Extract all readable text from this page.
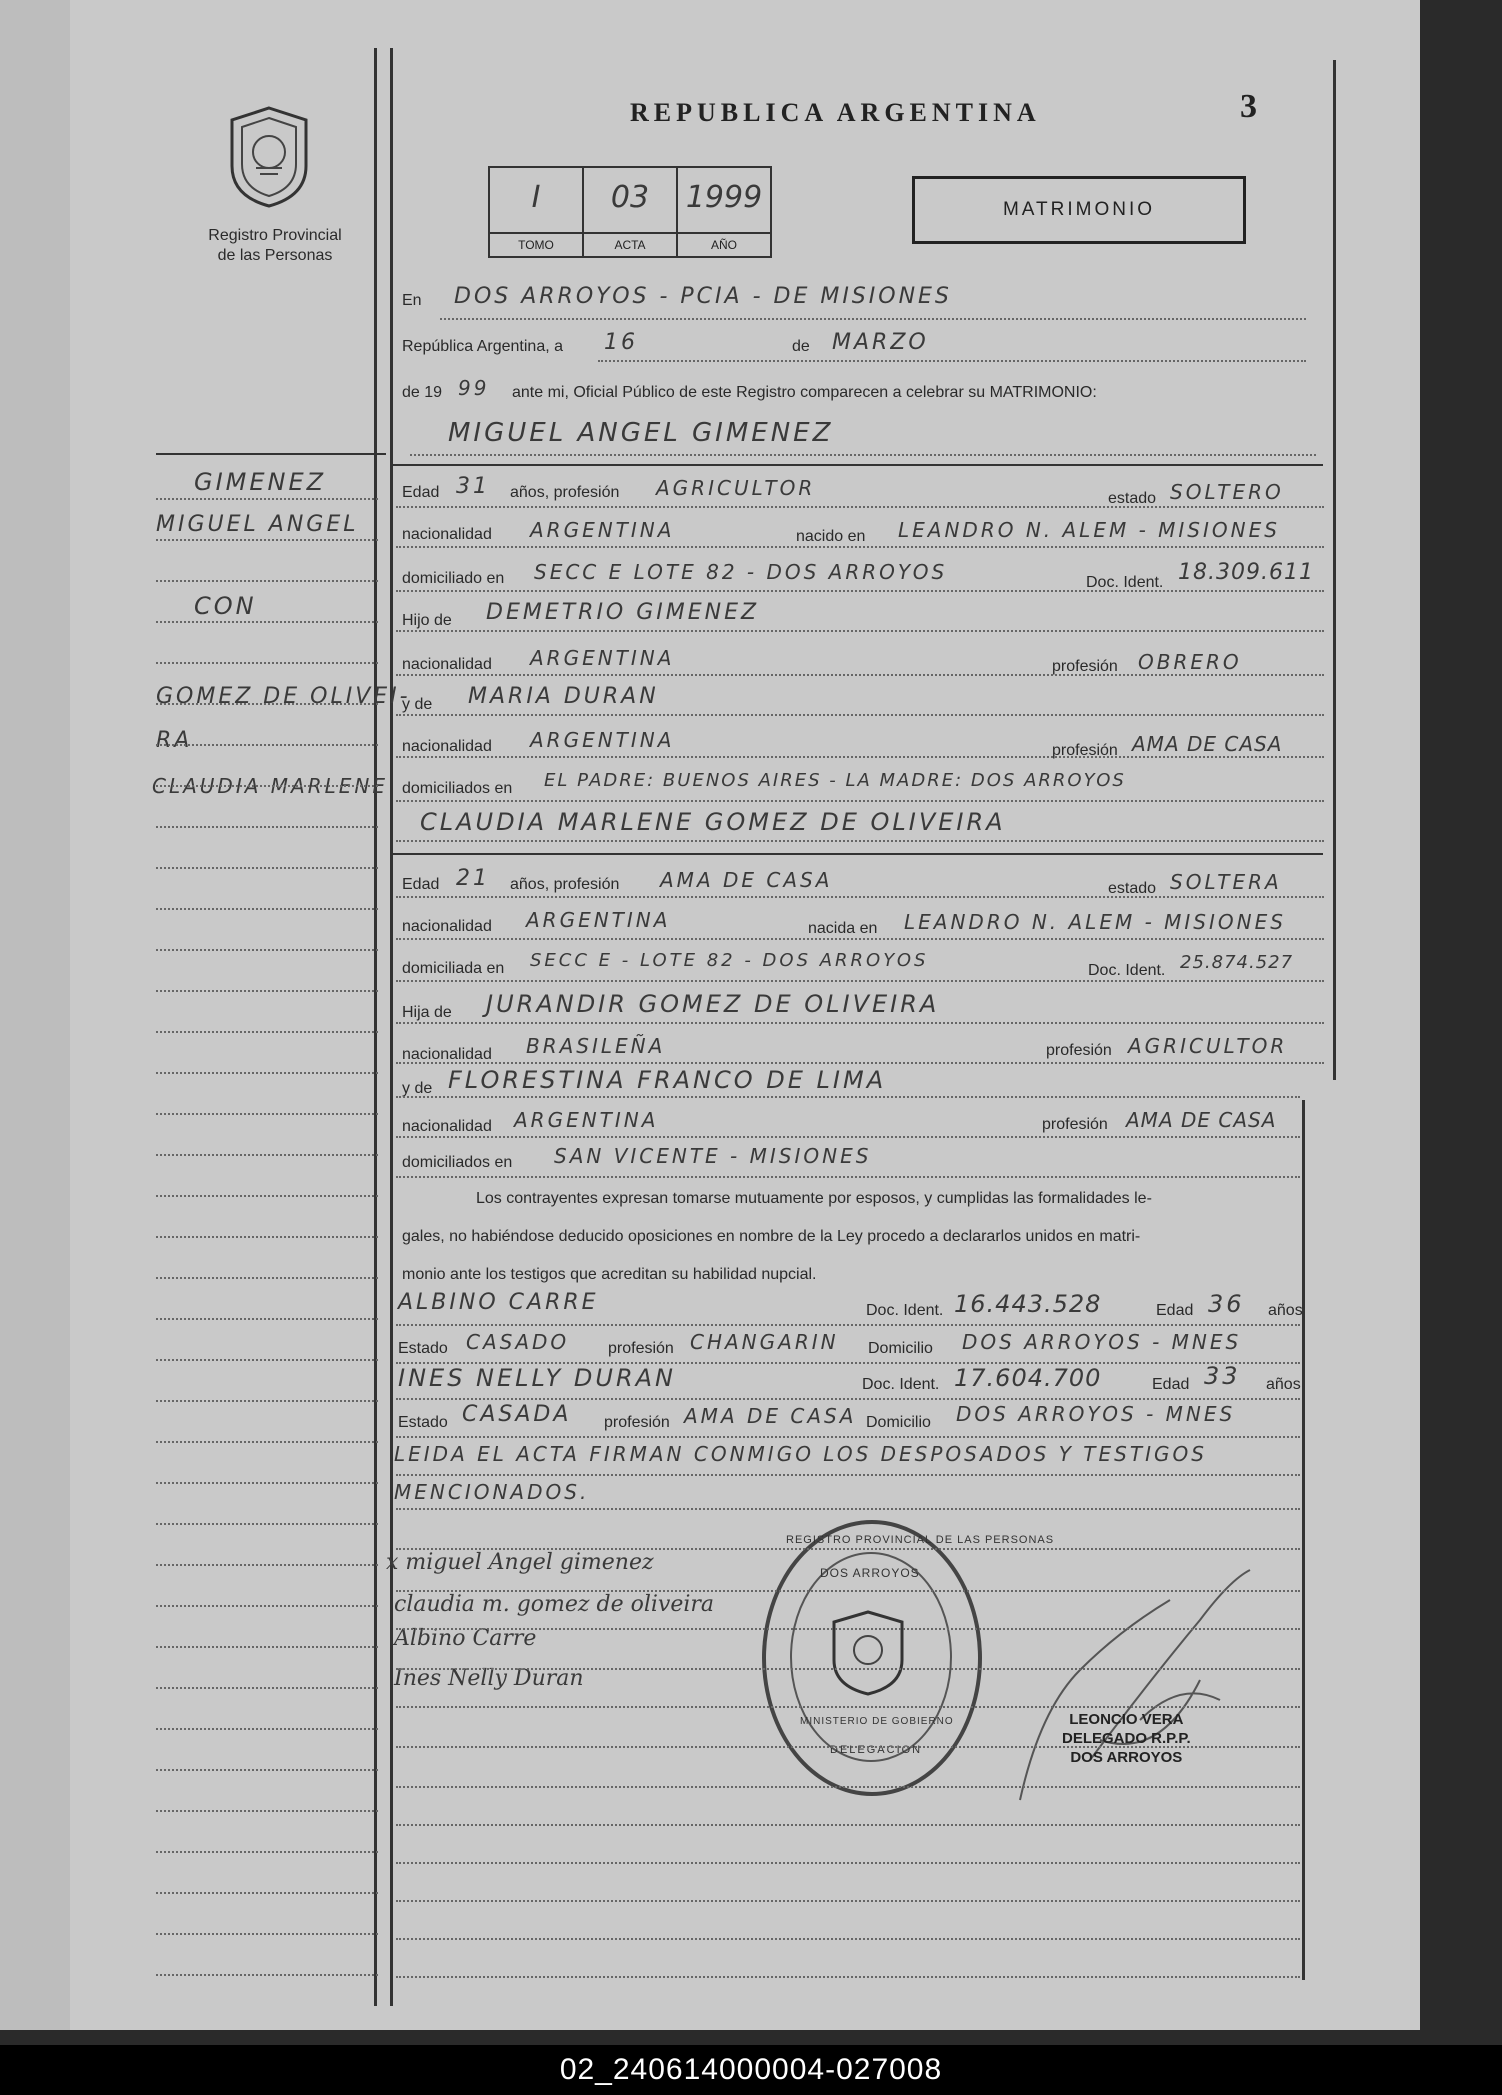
Registro Provincial
de las Personas
REPUBLICA ARGENTINA	3
I
TOMO
03
ACTA
1999
AÑO
MATRIMONIO
GIMENEZ
MIGUEL ANGEL
CON
GOMEZ DE OLIVEI-
RA
CLAUDIA MARLENE
En DOS ARROYOS - PCIA - DE MISIONES
República Argentina, a 16	de MARZO
de 19 99 ante mi, Oficial Público de este Registro comparecen a celebrar su MATRIMONIO:
MIGUEL ANGEL GIMENEZ
Edad 31 años, profesión AGRICULTOR	estado SOLTERO
nacionalidad ARGENTINA	nacido en LEANDRO N. ALEM - MISIONES
domiciliado en SECC E LOTE 82 - DOS ARROYOS	Doc. Ident. 18.309.611
Hijo de DEMETRIO GIMENEZ
nacionalidad ARGENTINA	profesión OBRERO
y de MARIA DURAN
nacionalidad ARGENTINA	profesión AMA DE CASA
domiciliados en EL PADRE: BUENOS AIRES - LA MADRE: DOS ARROYOS
CLAUDIA MARLENE GOMEZ DE OLIVEIRA
Edad 21 años, profesión AMA DE CASA	estado SOLTERA
nacionalidad ARGENTINA	nacida en LEANDRO N. ALEM - MISIONES
domiciliada en SECC E - LOTE 82 - DOS ARROYOS	Doc. Ident. 25.874.527
Hija de JURANDIR GOMEZ DE OLIVEIRA
nacionalidad BRASILEÑA	profesión AGRICULTOR
y de FLORESTINA FRANCO DE LIMA
nacionalidad ARGENTINA	profesión AMA DE CASA
domiciliados en SAN VICENTE - MISIONES
Los contrayentes expresan tomarse mutuamente por esposos, y cumplidas las formalidades le-
gales, no habiéndose deducido oposiciones en nombre de la Ley procedo a declararlos unidos en matri-
monio ante los testigos que acreditan su habilidad nupcial.
ALBINO CARRE	Doc. Ident. 16.443.528	Edad 36 años
Estado CASADO profesión CHANGARIN Domicilio DOS ARROYOS - MNES
INES NELLY DURAN	Doc. Ident. 17.604.700	Edad 33 años
Estado CASADA profesión AMA DE CASA Domicilio DOS ARROYOS - MNES
LEIDA EL ACTA FIRMAN CONMIGO LOS DESPOSADOS Y TESTIGOS
MENCIONADOS.
x miguel Angel gimenez
claudia m. gomez de oliveira
Albino Carre
Ines Nelly Duran
REGISTRO PROVINCIAL DE LAS PERSONAS
DOS ARROYOS
MINISTERIO DE GOBIERNO
DELEGACION
LEONCIO VERA
DELEGADO R.P.P.
DOS ARROYOS
02_240614000004-027008
